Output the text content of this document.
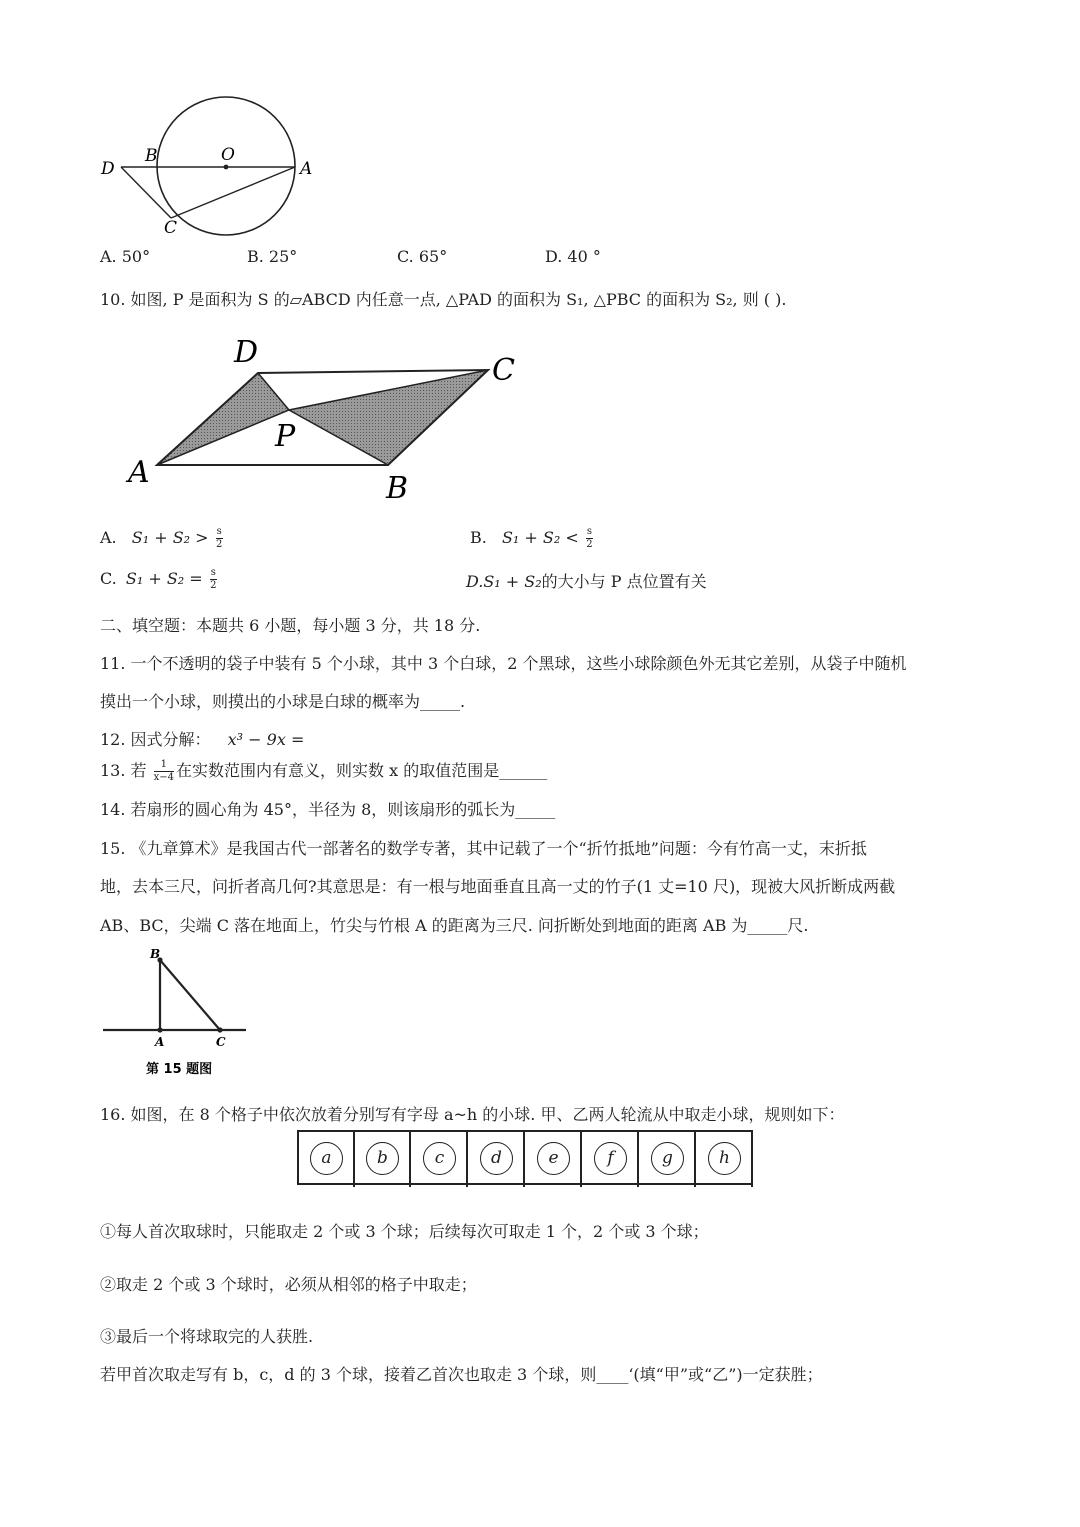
D
B	O
A
C
A. 50°	B. 25°	C. 65°	D. 40 °
10. 如图, P 是面积为 S 的▱ABCD 内任意一点, △PAD 的面积为 S₁, △PBC 的面积为 S₂, 则 ( ).
D
C
P
A	B
A. $S_1 + S_2 > \frac{s}{2}$	B. $S_1 + S_2 < \frac{s}{2}$
C. $S_1 + S_2 = \frac{s}{2}$	D.S₁ + S₂的大小与 P 点位置有关
二、填空题：本题共 6 小题，每小题 3 分，共 18 分.
11. 一个不透明的袋子中装有 5 个小球，其中 3 个白球，2 个黑球，这些小球除颜色外无其它差别，从袋子中随机
摸出一个小球，则摸出的小球是白球的概率为_____.
12. 因式分解： x³ − 9x =
13. 若 $\frac{1}{x-4}$ 在实数范围内有意义，则实数 x 的取值范围是______
14. 若扇形的圆心角为 45°，半径为 8，则该扇形的弧长为_____
15. 《九章算术》是我国古代一部著名的数学专著，其中记载了一个“折竹抵地”问题：今有竹高一丈，末折抵
地，去本三尺，问折者高几何?其意思是：有一根与地面垂直且高一丈的竹子(1 丈=10 尺)，现被大风折断成两截
AB、BC，尖端 C 落在地面上，竹尖与竹根 A 的距离为三尺. 问折断处到地面的距离 AB 为_____尺.
B
A	C
第 15 题图
16. 如图，在 8 个格子中依次放着分别写有字母 a~h 的小球. 甲、乙两人轮流从中取走小球，规则如下：
a	b	c	d	e	f	g	h
①每人首次取球时，只能取走 2 个或 3 个球；后续每次可取走 1 个，2 个或 3 个球；
②取走 2 个或 3 个球时，必须从相邻的格子中取走；
③最后一个将球取完的人获胜.
若甲首次取走写有 b，c，d 的 3 个球，接着乙首次也取走 3 个球，则____‘(填“甲”或“乙”)一定获胜；
